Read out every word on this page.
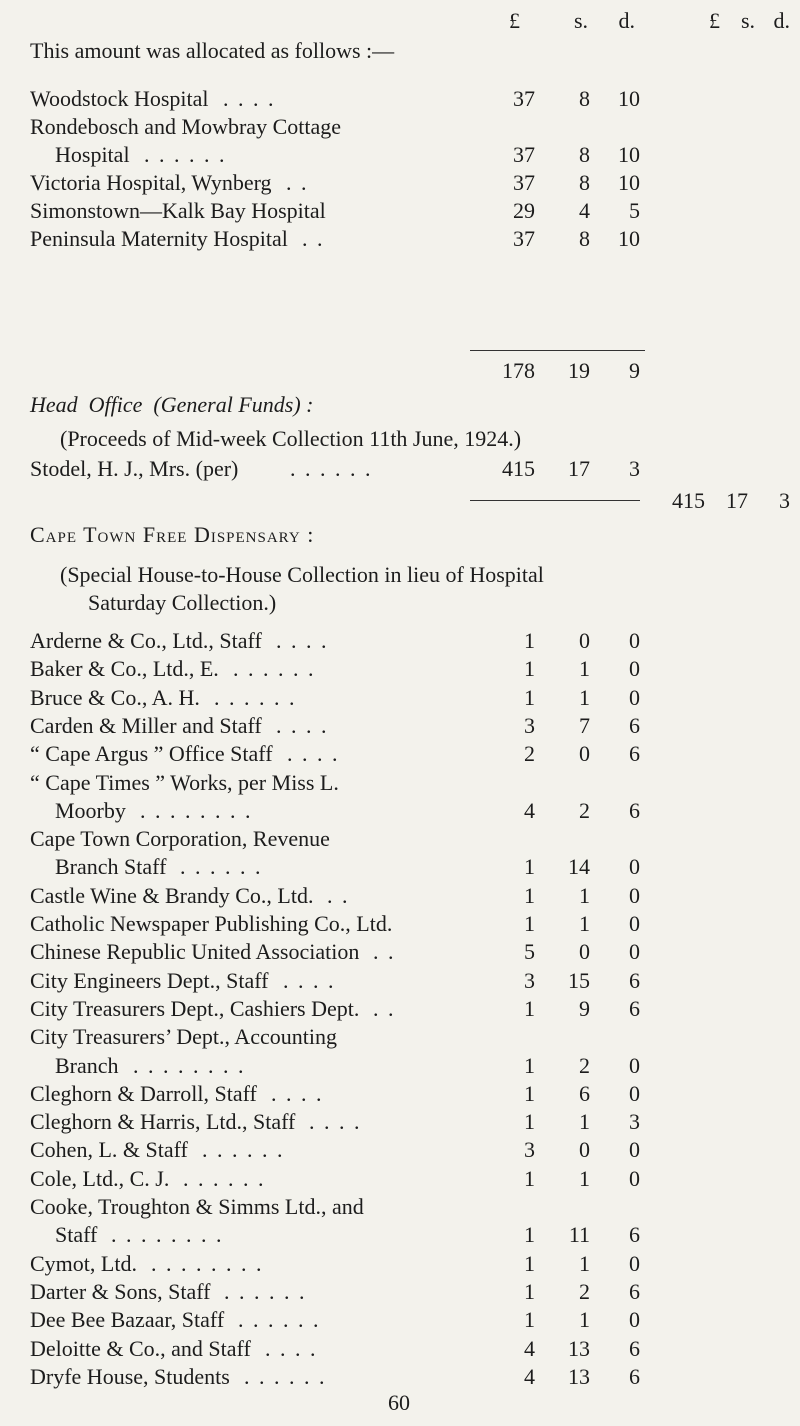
£	s.	d.	£ s. d.
This amount was allocated as follows :—
Woodstock Hospital . . . .	37	8	10
Rondebosch and Mowbray Cottage
Hospital . . . . . .	37	8	10
Victoria Hospital, Wynberg . .	37	8	10
Simonstown—Kalk Bay Hospital	29	4	5
Peninsula Maternity Hospital . .	37	8	10
178	19	9
Head Office (General Funds) :
(Proceeds of Mid-week Collection 11th June, 1924.)
Stodel, H. J., Mrs. (per) . . . . . .	415	17	3
415 17	3
Cape Town Free Dispensary :
(Special House-to-House Collection in lieu of Hospital
Saturday Collection.)
Arderne & Co., Ltd., Staff . . . .	1	0	0
Baker & Co., Ltd., E. . . . . . .	1	1	0
Bruce & Co., A. H. . . . . . .	1	1	0
Carden & Miller and Staff . . . .	3	7	6
“ Cape Argus ” Office Staff . . . .	2	0	6
“ Cape Times ” Works, per Miss L.
Moorby . . . . . . . .	4	2	6
Cape Town Corporation, Revenue
Branch Staff . . . . . .	1	14	0
Castle Wine & Brandy Co., Ltd. . .	1	1	0
Catholic Newspaper Publishing Co., Ltd.	1	1	0
Chinese Republic United Association . .	5	0	0
City Engineers Dept., Staff . . . .	3	15	6
City Treasurers Dept., Cashiers Dept. . .	1	9	6
City Treasurers’ Dept., Accounting
Branch . . . . . . . .	1	2	0
Cleghorn & Darroll, Staff . . . .	1	6	0
Cleghorn & Harris, Ltd., Staff . . . .	1	1	3
Cohen, L. & Staff . . . . . .	3	0	0
Cole, Ltd., C. J. . . . . . .	1	1	0
Cooke, Troughton & Simms Ltd., and
Staff . . . . . . . .	1	11	6
Cymot, Ltd. . . . . . . . .	1	1	0
Darter & Sons, Staff . . . . . .	1	2	6
Dee Bee Bazaar, Staff . . . . . .	1	1	0
Deloitte & Co., and Staff . . . .	4	13	6
Dryfe House, Students . . . . . .	4	13	6
60
